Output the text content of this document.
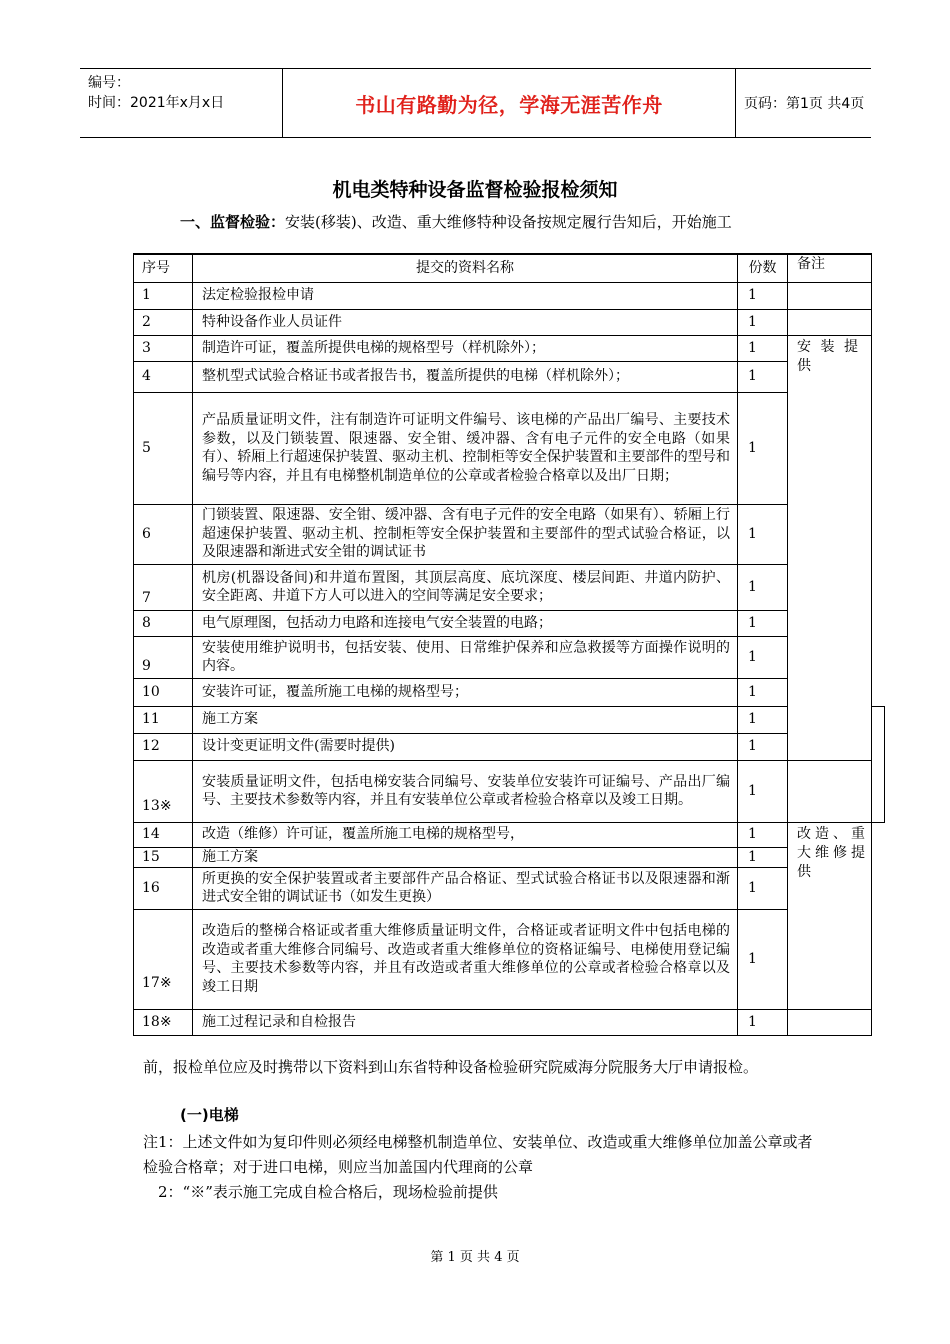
编号：
时间：2021年x月x日	书山有路勤为径，学海无涯苦作舟	页码：第1页 共4页
机电类特种设备监督检验报检须知
一、监督检验：安装(移装)、改造、重大维修特种设备按规定履行告知后，开始施工
序号	提交的资料名称	份数	备注	
1	法定检验报检申请	1		
2	特种设备作业人员证件	1		
3	制造许可证，覆盖所提供电梯的规格型号（样机除外）；	1	安装提供	
4	整机型式试验合格证书或者报告书，覆盖所提供的电梯（样机除外）；	1		
5	产品质量证明文件，注有制造许可证明文件编号、该电梯的产品出厂编号、主要技术参数，以及门锁装置、限速器、安全钳、缓冲器、含有电子元件的安全电路（如果有）、轿厢上行超速保护装置、驱动主机、控制柜等安全保护装置和主要部件的型号和编号等内容，并且有电梯整机制造单位的公章或者检验合格章以及出厂日期；	1		
6	门锁装置、限速器、安全钳、缓冲器、含有电子元件的安全电路（如果有）、轿厢上行超速保护装置、驱动主机、控制柜等安全保护装置和主要部件的型式试验合格证，以及限速器和渐进式安全钳的调试证书	1		
7	机房(机器设备间)和井道布置图，其顶层高度、底坑深度、楼层间距、井道内防护、安全距离、井道下方人可以进入的空间等满足安全要求；	1		
8	电气原理图，包括动力电路和连接电气安全装置的电路；	1		
9	安装使用维护说明书，包括安装、使用、日常维护保养和应急救援等方面操作说明的内容。	1		
10	安装许可证，覆盖所施工电梯的规格型号；	1		
11	施工方案	1		
12	设计变更证明文件(需要时提供)	1		
13※	安装质量证明文件，包括电梯安装合同编号、安装单位安装许可证编号、产品出厂编号、主要技术参数等内容，并且有安装单位公章或者检验合格章以及竣工日期。	1		
14	改造（维修）许可证，覆盖所施工电梯的规格型号，	1	改造、重大维修提供	
15	施工方案	1		
16	所更换的安全保护装置或者主要部件产品合格证、型式试验合格证书以及限速器和渐进式安全钳的调试证书（如发生更换）	1		
17※	改造后的整梯合格证或者重大维修质量证明文件，合格证或者证明文件中包括电梯的改造或者重大维修合同编号、改造或者重大维修单位的资格证编号、电梯使用登记编号、主要技术参数等内容，并且有改造或者重大维修单位的公章或者检验合格章以及竣工日期	1		
18※	施工过程记录和自检报告	1		
前，报检单位应及时携带以下资料到山东省特种设备检验研究院威海分院服务大厅申请报检。
(一)电梯
注1：上述文件如为复印件则必须经电梯整机制造单位、安装单位、改造或重大维修单位加盖公章或者检验合格章；对于进口电梯，则应当加盖国内代理商的公章
2：“※”表示施工完成自检合格后，现场检验前提供
第 1 页 共 4 页
